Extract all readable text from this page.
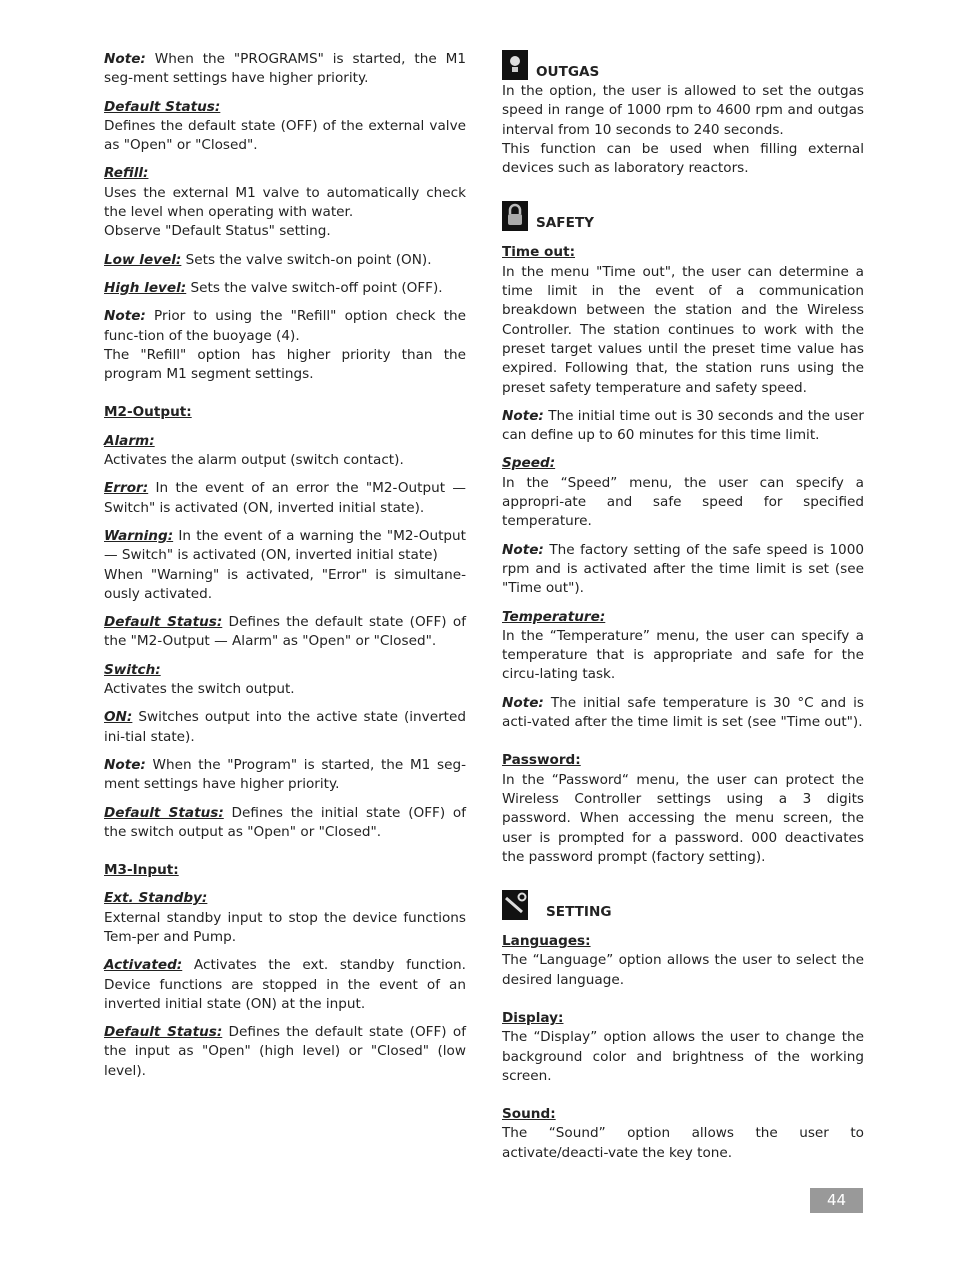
Note: When the "PROGRAMS" is started, the M1 seg-ment settings have higher priority.

Default Status:

Defines the default state (OFF) of the external valve as "Open" or "Closed".

Refill:

Uses the external M1 valve to automatically check the level when operating with water.

Observe "Default Status" setting.

Low level: Sets the valve switch-on point (ON).

High level: Sets the valve switch-off point (OFF).

Note: Prior to using the "Refill" option check the func-tion of the buoyage (4).

The "Refill" option has higher priority than the program M1 segment settings.

M2-Output:

Alarm:

Activates the alarm output (switch contact).

Error: In the event of an error the "M2-Output — Switch" is activated (ON, inverted initial state).

Warning: In the event of a warning the "M2-Output — Switch" is activated (ON, inverted initial state)

When "Warning" is activated, "Error" is simultane-ously activated.

Default Status: Defines the default state (OFF) of the "M2-Output — Alarm" as "Open" or "Closed".

Switch:

Activates the switch output.

ON: Switches output into the active state (inverted ini-tial state).

Note: When the "Program" is started, the M1 seg-ment settings have higher priority.

Default Status: Defines the initial state (OFF) of the switch output as "Open" or "Closed".

M3-Input:

Ext. Standby:

External standby input to stop the device functions Tem-per and Pump.

Activated: Activates the ext. standby function. Device functions are stopped in the event of an inverted initial state (ON) at the input.

Default Status: Defines the default state (OFF) of the input as "Open" (high level) or "Closed" (low level).

OUTGAS

In the option, the user is allowed to set the outgas speed in range of 1000 rpm to 4600 rpm and outgas interval from 10 seconds to 240 seconds.

This function can be used when filling external devices such as laboratory reactors.

SAFETY
Time out:

In the menu "Time out", the user can determine a time limit in the event of a communication breakdown between the station and the Wireless Controller. The station continues to work with the preset target values until the preset time value has expired. Following that, the station runs using the preset safety temperature and safety speed.

Note: The initial time out is 30 seconds and the user can define up to 60 minutes for this time limit.

Speed:

In the “Speed” menu, the user can specify a appropri-ate and safe speed for specified temperature.

Note: The factory setting of the safe speed is 1000 rpm and is activated after the time limit is set (see "Time out").

Temperature:

In the “Temperature” menu, the user can specify a temperature that is appropriate and safe for the circu-lating task.

Note: The initial safe temperature is 30 °C and is acti-vated after the time limit is set (see "Time out").

Password:

In the “Password“ menu, the user can protect the Wireless Controller settings using a 3 digits password. When accessing the menu screen, the user is prompted for a password. 000 deactivates the password prompt (factory setting).

SETTING
Languages:

The “Language” option allows the user to select the desired language.

Display:

The “Display” option allows the user to change the background color and brightness of the working screen.

Sound:

The “Sound” option allows the user to activate/deacti-vate the key tone.

44
